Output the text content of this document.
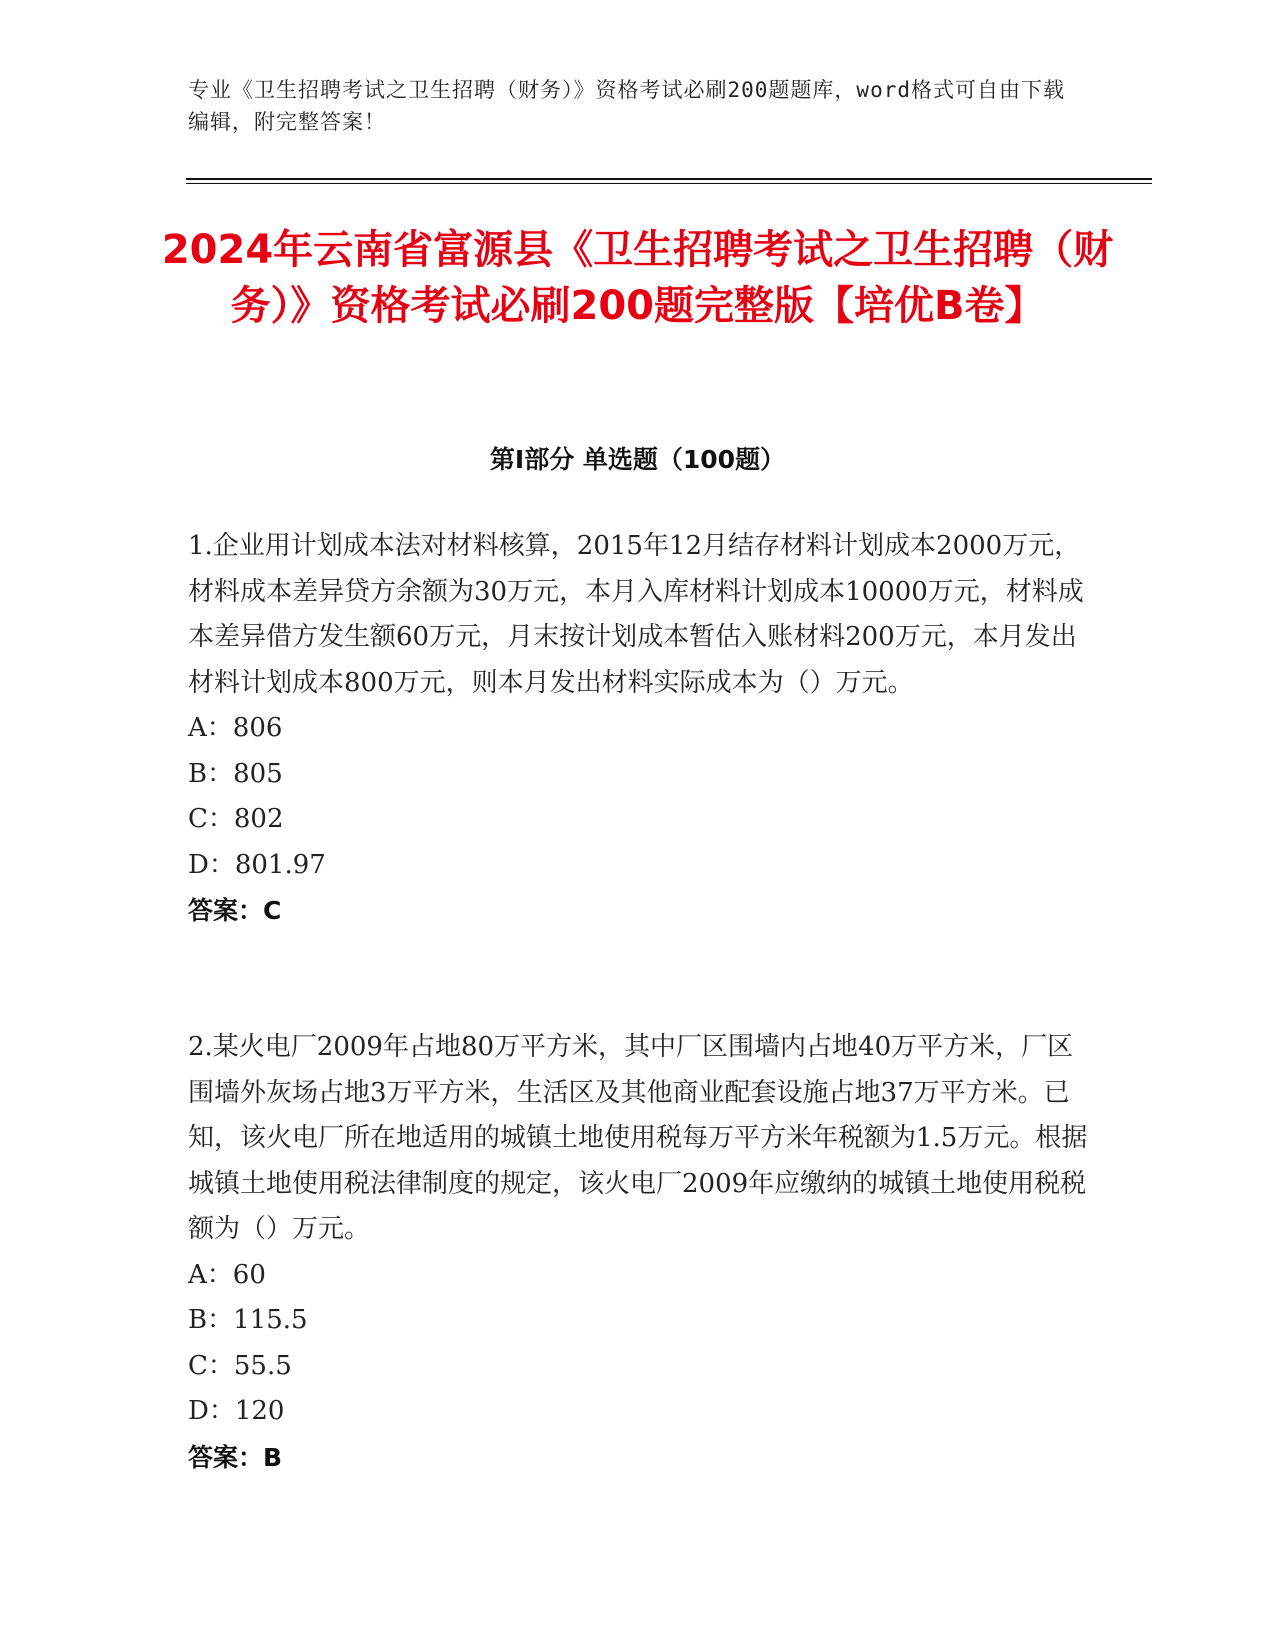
专业《卫生招聘考试之卫生招聘（财务）》资格考试必刷200题题库，word格式可自由下载编辑，附完整答案！
2024年云南省富源县《卫生招聘考试之卫生招聘（财务）》资格考试必刷200题完整版【培优B卷】
第I部分 单选题（100题）
1.企业用计划成本法对材料核算，2015年12月结存材料计划成本2000万元，材料成本差异贷方余额为30万元，本月入库材料计划成本10000万元，材料成本差异借方发生额60万元，月末按计划成本暂估入账材料200万元，本月发出材料计划成本800万元，则本月发出材料实际成本为（）万元。
A：806
B：805
C：802
D：801.97
答案：C
2.某火电厂2009年占地80万平方米，其中厂区围墙内占地40万平方米，厂区围墙外灰场占地3万平方米，生活区及其他商业配套设施占地37万平方米。已知，该火电厂所在地适用的城镇土地使用税每万平方米年税额为1.5万元。根据城镇土地使用税法律制度的规定，该火电厂2009年应缴纳的城镇土地使用税税额为（）万元。
A：60
B：115.5
C：55.5
D：120
答案：B
